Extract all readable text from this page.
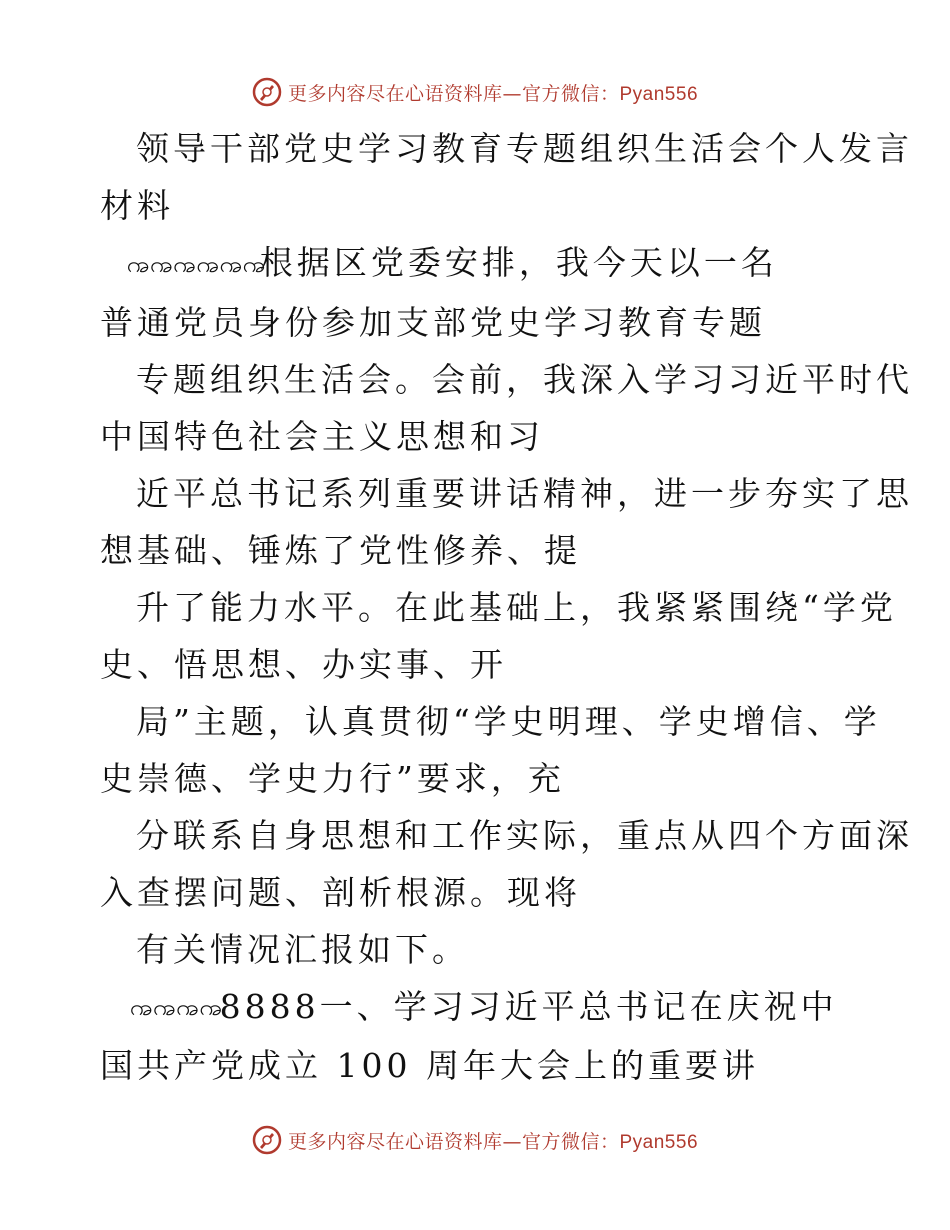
更多内容尽在心语资料库—官方微信：Pyan556
领导干部党史学习教育专题组织生活会个人发言
材料
ꩠꩠꩠꩠꩠꩠ根据区党委安排，我今天以一名
普通党员身份参加支部党史学习教育专题
专题组织生活会。会前，我深入学习习近平时代
中国特色社会主义思想和习
近平总书记系列重要讲话精神，进一步夯实了思
想基础、锤炼了党性修养、提
升了能力水平。在此基础上，我紧紧围绕“学党
史、悟思想、办实事、开
局”主题，认真贯彻“学史明理、学史增信、学
史崇德、学史力行”要求，充
分联系自身思想和工作实际，重点从四个方面深
入查摆问题、剖析根源。现将
有关情况汇报如下。
ꩠꩠꩠꩠ8888一、学习习近平总书记在庆祝中
国共产党成立 100 周年大会上的重要讲
更多内容尽在心语资料库—官方微信：Pyan556
